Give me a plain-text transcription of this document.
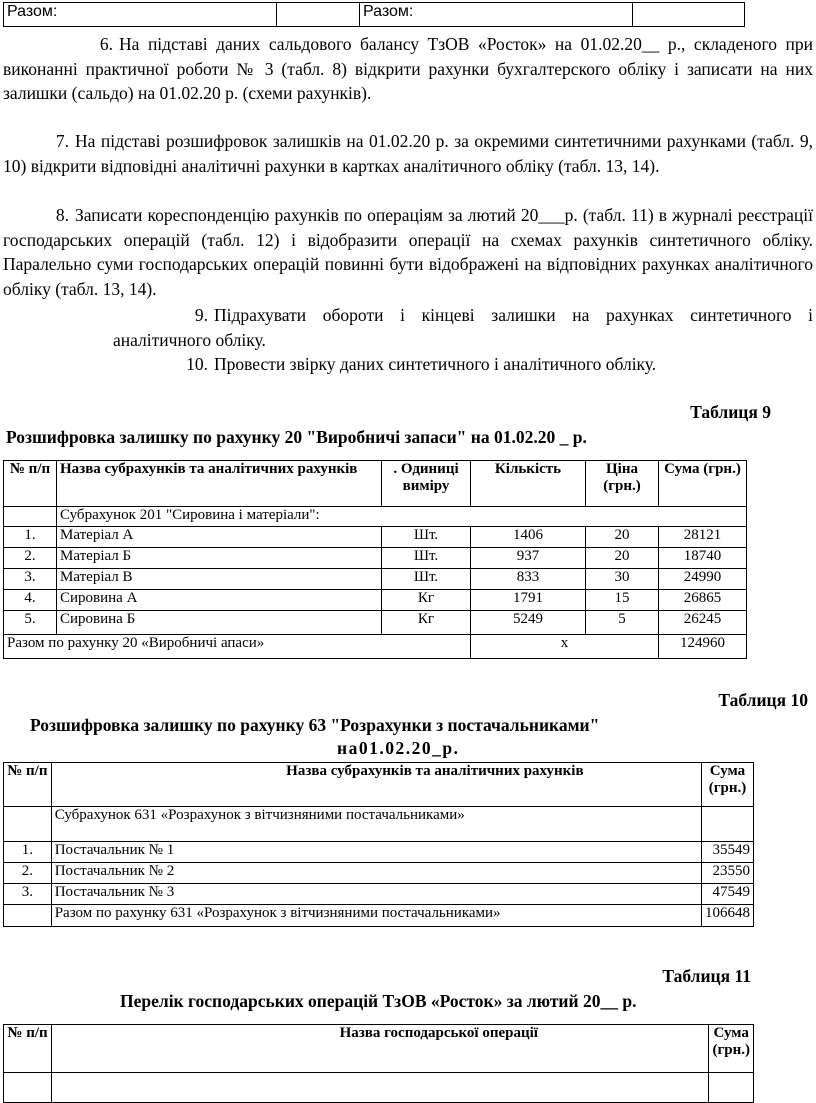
Разом:		Разом:	
6. На підставі даних сальдового балансу ТзОВ «Росток» на 01.02.20__ р., складеного при виконанні практичної роботи № 3 (табл. 8) відкрити рахунки бухгалтерского обліку і записати на них залишки (сальдо) на 01.02.20 р. (схеми рахунків).
7. На підставі розшифровок залишків на 01.02.20 р. за окремими синтетичними рахунками (табл. 9, 10) відкрити відповідні аналітичні рахунки в картках аналітичного обліку (табл. 13, 14).
8. Записати кореспонденцію рахунків по операціям за лютий 20___р. (табл. 11) в журналі реєстрації господарських операцій (табл. 12) і відобразити операції на схемах рахунків синтетичного обліку. Паралельно суми господарських операцій повинні бути відображені на відповідних рахунках аналітичного обліку (табл. 13, 14).
9. Підрахувати обороти і кінцеві залишки на рахунках синтетичного і аналітичного обліку.
10. Провести звірку даних синтетичного і аналітичного обліку.
Таблиця 9
Розшифровка залишку по рахунку 20 "Виробничі запаси" на 01.02.20 _ р.
№ п/п	Назва субрахунків та аналітичних рахунків	. Одиниці виміру	Кількість	Ціна (грн.)	Сума (грн.)
	Субрахунок 201 "Сировина і матеріали":				
1.	Матеріал А	Шт.	1406	20	28121
2.	Матеріал Б	Шт.	937	20	18740
3.	Матеріал В	Шт.	833	30	24990
4.	Сировина А	Кг	1791	15	26865
5.	Сировина Б	Кг	5249	5	26245
Разом по рахунку 20 «Виробничі апаси»			х		124960
Таблиця 10
Розшифровка залишку по рахунку 63 "Розрахунки з постачальниками"
на01.02.20_р.
№ п/п	Назва субрахунків та аналітичних рахунків	Сума (грн.)
	Субрахунок 631 «Розрахунок з вітчизняними постачальниками»	
1.	Постачальник № 1	35549
2.	Постачальник № 2	23550
3.	Постачальник № 3	47549
	Разом по рахунку 631 «Розрахунок з вітчизняними постачальниками»	106648
Таблиця 11
Перелік господарських операцій ТзОВ «Росток» за лютий 20__ р.
№ п/п	Назва господарської операції	Сума (грн.)
